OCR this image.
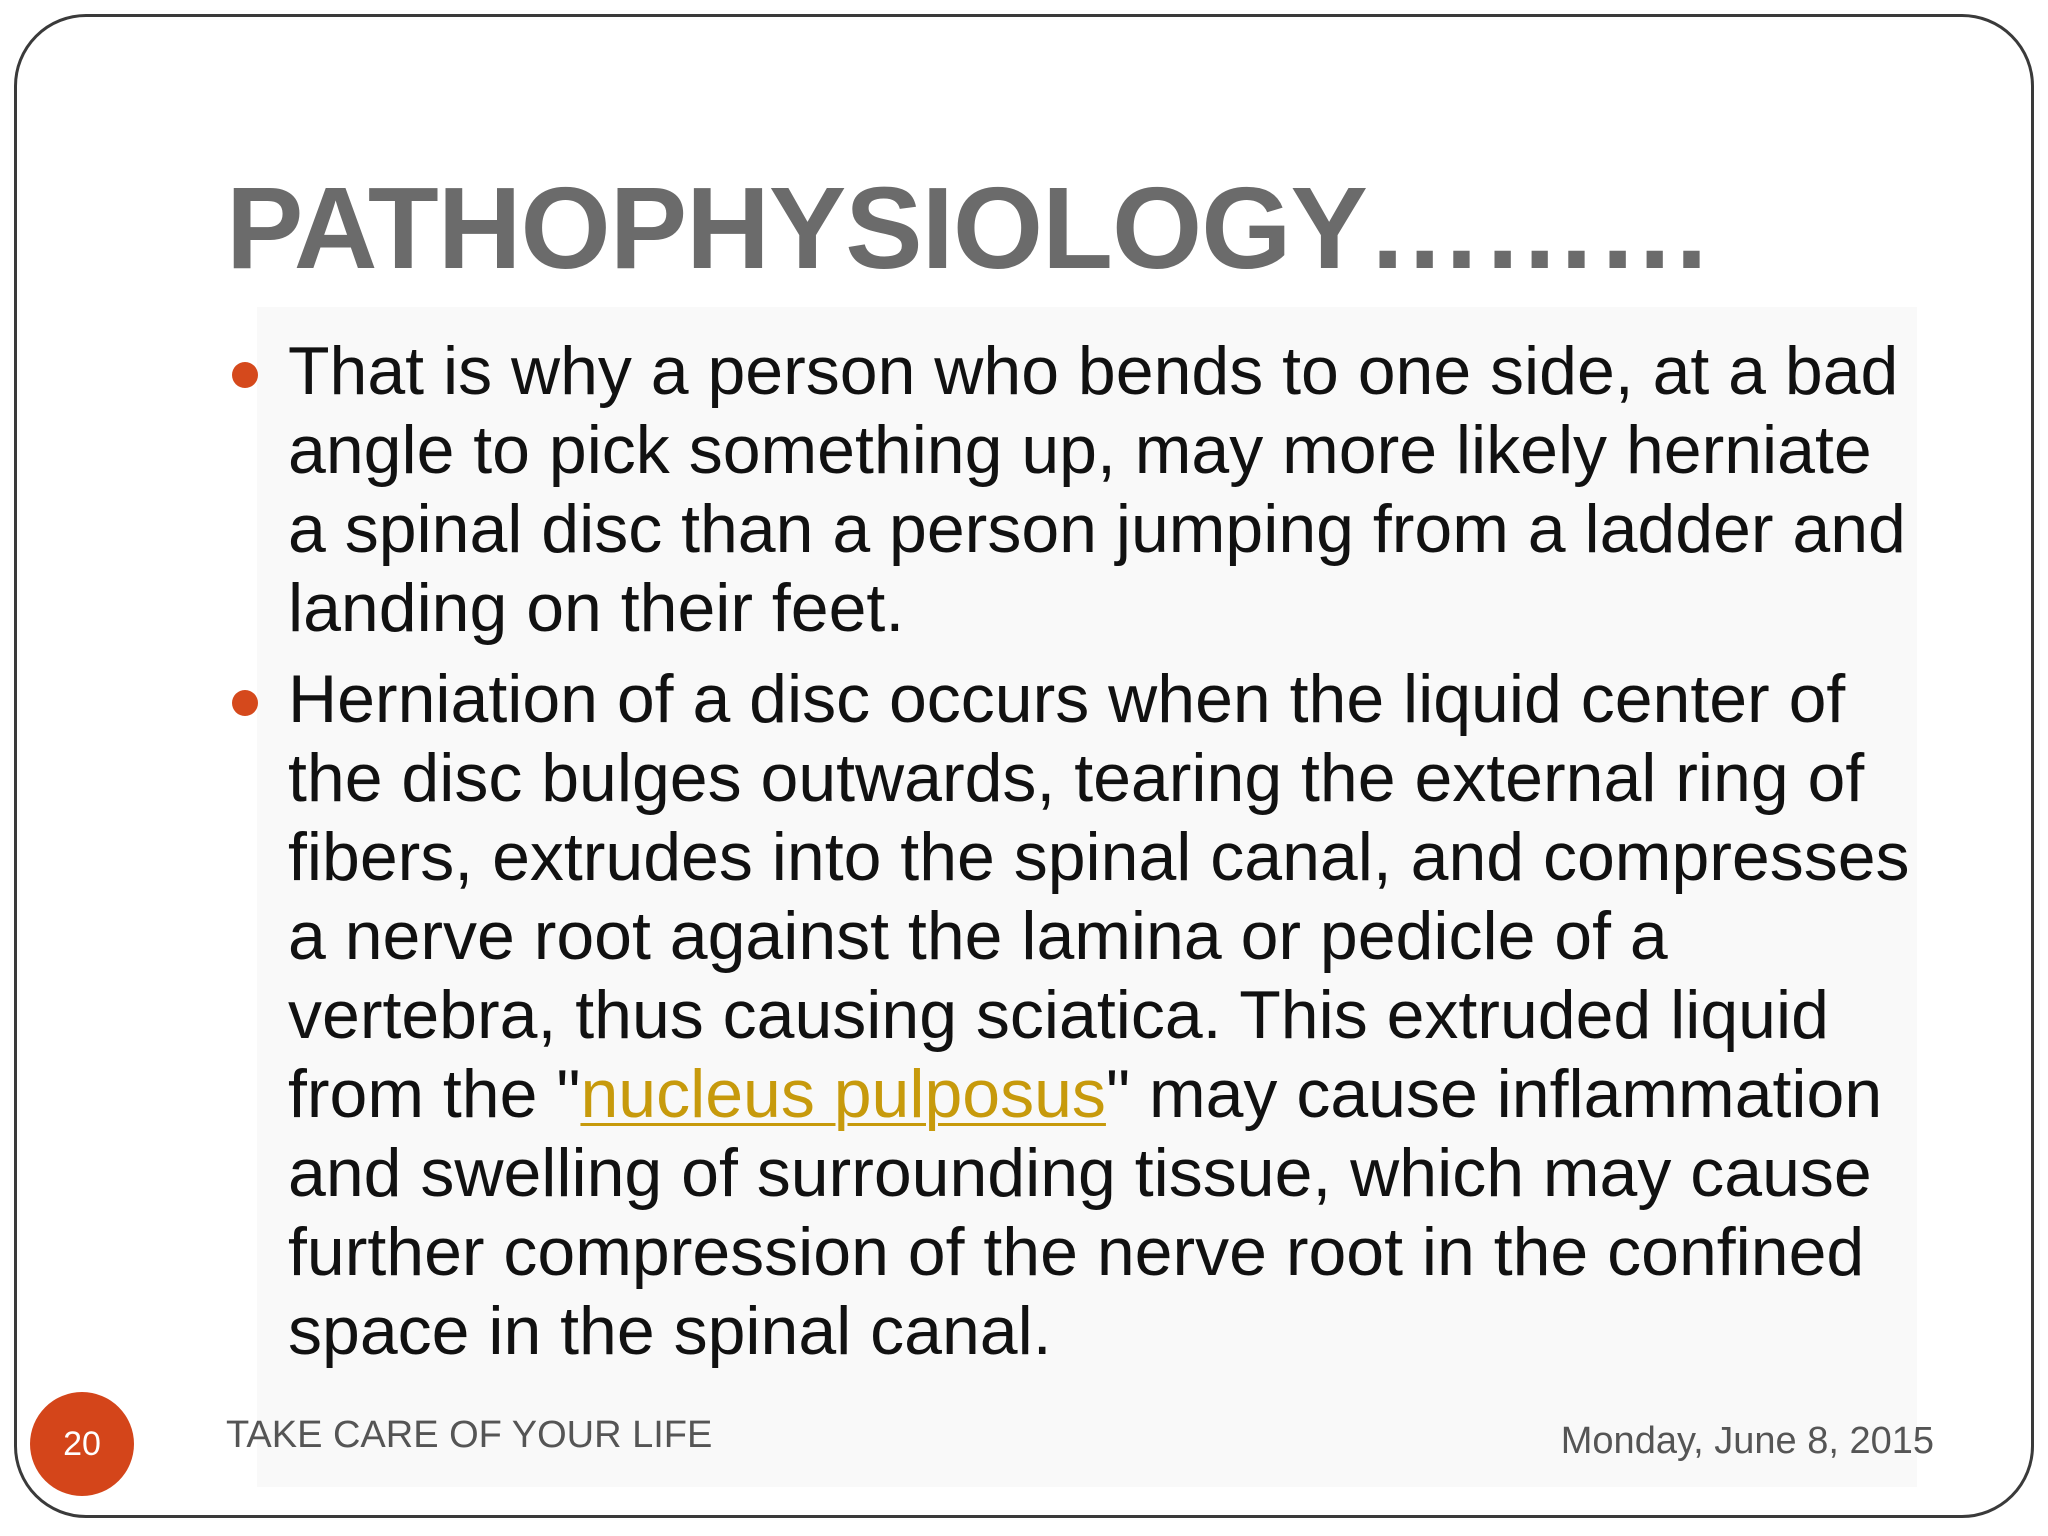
PATHOPHYSIOLOGY………
That is why a person who bends to one side, at a bad angle to pick something up, may more likely herniate a spinal disc than a person jumping from a ladder and landing on their feet.
Herniation of a disc occurs when the liquid center of the disc bulges outwards, tearing the external ring of fibers, extrudes into the spinal canal, and compresses a nerve root against the lamina or pedicle of a vertebra, thus causing sciatica. This extruded liquid from the "nucleus pulposus" may cause inflammation and swelling of surrounding tissue, which may cause further compression of the nerve root in the confined space in the spinal canal.
20	TAKE CARE OF YOUR LIFE	Monday, June 8, 2015
